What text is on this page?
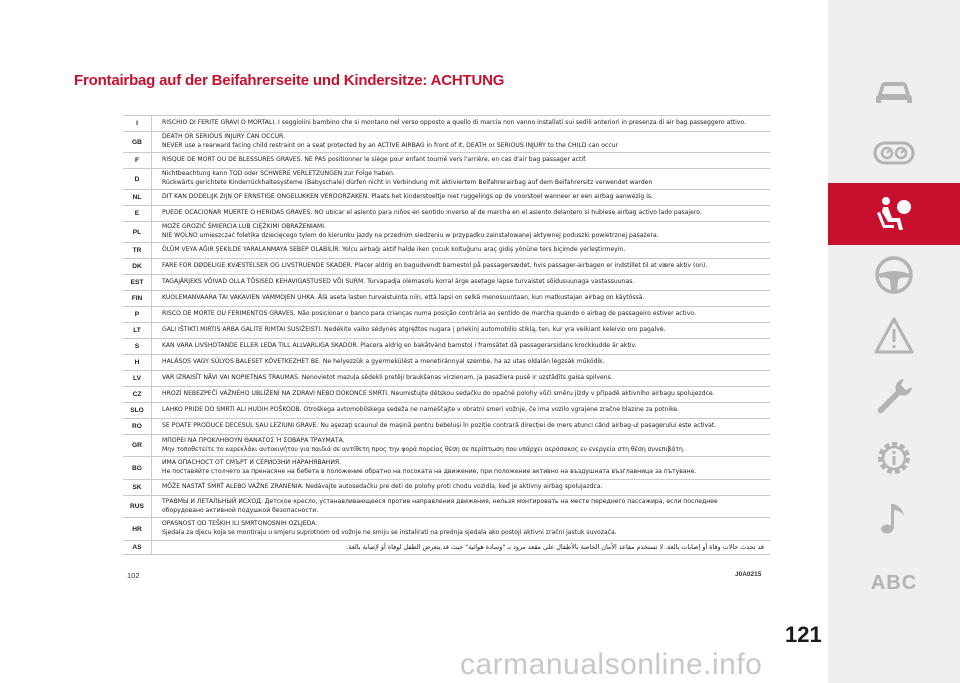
Frontairbag auf der Beifahrerseite und Kindersitze: ACHTUNG
I	RISCHIO DI FERITE GRAVI O MORTALI. I seggiolini bambino che si montano nel verso opposto a quello di marcia non vanno installati sui sedili anteriori in presenza di air bag passeggero attivo.
GB	DEATH OR SERIOUS INJURY CAN OCCUR.
NEVER use a rearward facing child restraint on a seat protected by an ACTIVE AIRBAG in front of it, DEATH or SERIOUS INJURY to the CHILD can occur

F	RISQUE DE MORT OU DE BLESSURES GRAVES. NE PAS positionner le siège pour enfant tourné vers l'arrière, en cas d'air bag passager actif.
D	Nichtbeachtung kann TOD oder SCHWERE VERLETZUNGEN zur Folge haben.
Rückwärts gerichtete Kinderrückhaltesysteme (Babyschale) dürfen nicht in Verbindung mit aktiviertem Beifahrerairbag auf dem Beifahrersitz verwendet warden

NL	DIT KAN DODELIJK ZIJN OF ERNSTIGE ONGELUKKEN VEROORZAKEN. Plaats het kinderstoeltje niet ruggelings op de voorstoel wanneer er een airbag aanwezig is.
E	PUEDE OCACIONAR MUERTE O HERIDAS GRAVES. NO ubicar el asiento para niños en sentido inverso al de marcha en el asiento delantero si hubiese airbag activo lado pasajero.
PL	MOŻE GROZIĆ ŚMIERCIA LUB CIĘŻKIMI OBRAŻENIAMI.
NIE WOLNO umieszczać foletika dziecięcego tylem do kierunku jazdy na przednim siedzeniu w przypadku zainstalowanej aktywnej poduszki powietrznej pasażera.

TR	ÖLÜM VEYA AĞIR ŞEKİLDE YARALANMAYA SEBEP OLABİLİR. Yolcu airbağı aktif halde iken çocuk koltuğunu araç gidiş yönüne ters biçimde yerleştirmeyin.
DK	FARE FOR DØDELIGE KVÆSTELSER OG LIVSTRUENDE SKADER. Placer aldrig en bagudvendt barnestol på passagersædet, hvis passager-airbagen er indstillet til at være aktiv (on).
EST	TAGAJÄRJEKS VÕIVAD OLLA TÕSISED KEHAVIGASTUSED VÕI SURM. Turvapadja olemasolu korral ärge asetage lapse turvaistet sõidusuunaga vastassuunas.
FIN	KUOLEMANVAARA TAI VAKAVIEN VAMMOJEN UHKA. Älä aseta lasten turvaistuinta niin, että lapsi on selkä menosuuntaan, kun matkustajan airbag on käytössä.
P	RISCO DE MORTE OU FERIMENTOS GRAVES. Não posicionar o banco para crianças numa posição contrária ao sentido de marcha quando o airbag de passageiro estiver activo.
LT	GALI IŠTIKTI MIRTIS ARBA GALITE RIMTAI SUSIŽEISTI. Nedėkite vaiko sėdynės atgręžtos nugara į priekinį automobilio stiklą, ten, kur yra veikiant keleivio oro pagalvė.
S	KAN VARA LIVSHOTANDE ELLER LEDA TILL ALLVARLIGA SKADOR. Placera aldrig en bakåtvänd barnstol i framsätet då passagerarsidans krockkudde är aktiv.
H	HALÁSOS VAGY SÚLYOS BALESET KÖVETKEZHET BE. Ne helyezzük a gyermekülést a menetiránnyal szembe, ha az utas oldalán légzsák működik.
LV	VAR IZRAISĪT NĀVI VAI NOPIETNAS TRAUMAS. Nenovietot mazuļa sēdekli pretēji braukšanas virzienam, ja pasažiera pusē ir uzstādīts gaisa spilvens.
CZ	HROZÍ NEBEZPEČÍ VÁŽNÉHO UBLÍŽENÍ NA ZDRAVÍ NEBO DOKONCE SMRTI. Neumisťujte dětskou sedačku do opačné polohy vůči směru jízdy v případě aktivního airbagu spolujezdce.
SLO	LAHKO PRIDE DO SMRTI ALI HUDIH POŠKODB. Otroškega avtomobilskega sedeža ne nameščajte v obratni smeri vožnje, če ima vozilo vgrajene zračne blazine za potnike.
RO	SE POATE PRODUCE DECESUL SAU LEZIUNI GRAVE. Nu aşezaţi scaunul de mașină pentru bebeluși în poziție contrară direcției de mers atunci când airbag-ul pasagerului este activat.
GR	ΜΠΟΡΕΙ ΝΑ ΠΡΟΚΛΗΘΟΥΝ ΘΑΝΑΤΟΣ Ή ΣΟΒΑΡΑ ΤΡΑΥΜΑΤΑ.
Μην τοποθετείτε το καρεκλάκι αυτοκινήτου για παιδιά σε αντίθετη προς την φορά πορείας θέση σε περίπτωση που υπάρχει αερόσακος εν ενεργεία στη θέση συνεπιβάτη.

BG	ИМА ОПАСНОСТ ОТ СМЪРТ И СЕРИОЗНИ НАРАНЯВАНИЯ.
Не поставяйте столчето за пренасяне на бебета в положение обратно на посоката на движение, при положение активно на въздушната възглавница за пътуване.

SK	MÔŽE NASTAŤ SMRŤ ALEBO VÁŽNE ZRANENIA. Nedávajte autosedačku pre deti do polohy proti chodu vozidla, keď je aktívny airbag spolujazdca.
RUS	ТРАВМЫ И ЛЕТАЛЬНЫЙ ИСХОД. Детское кресло, устанавливающееся против направления движения, нельзя монтировать на месте переднего пассажира, если последнее
оборудовано активной подушкой безопасности.

HR	OPASNOST OD TEŠKIH ILI SMRTONOSNIH OZLJEDA.
Sjedala za djecu koja se montiraju u smjeru suprotnom od vožnje ne smiju se instalirati na prednja sjedala ako postoji aktivni zračni jastuk suvozača.

AS	قد تحدث حالات وفاة أو إصابات بالغة. لا تستخدم مقاعد الأمان الخاصة بالأطفال على مقعد مزود بـ "وسادة هوائية" حيث قد يتعرض الطفل لوفاة أو لإصابة بالغة.
102	J0A0215
121
ABC
carmanualsonline.info
